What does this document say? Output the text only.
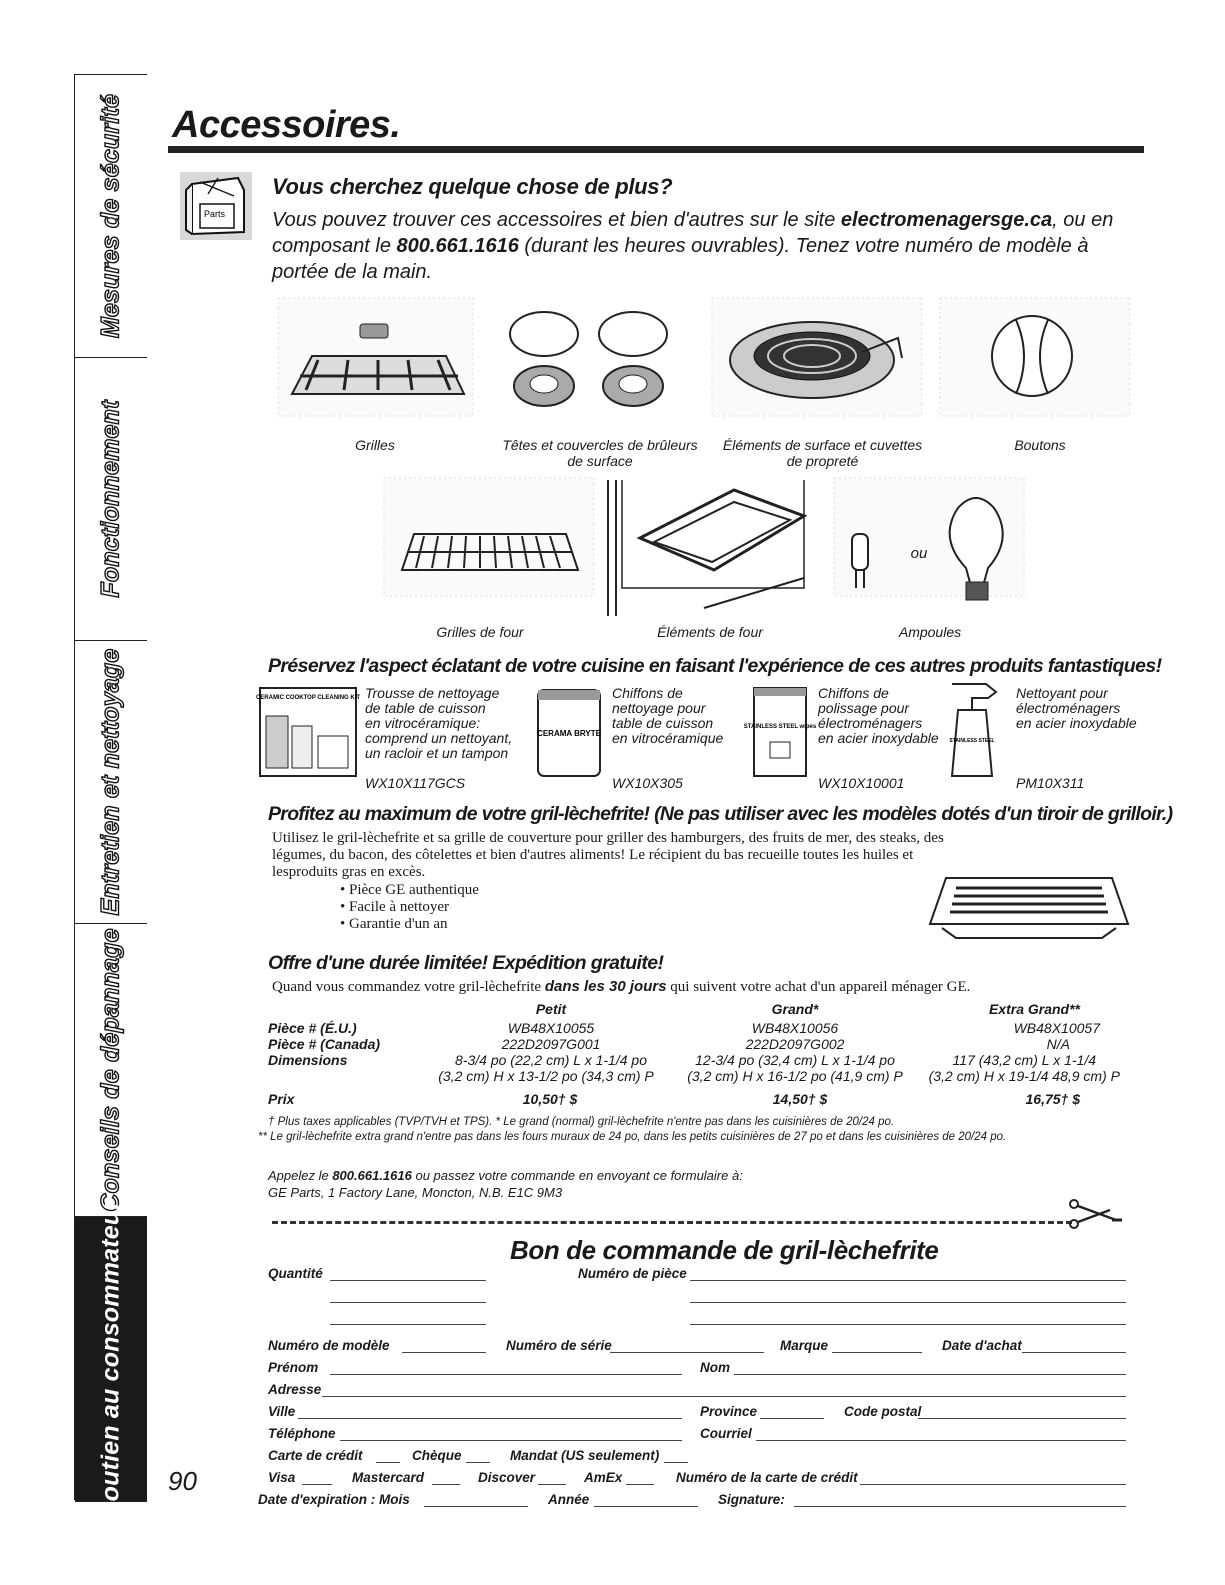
Mesures de sécurité
Fonctionnement
Entretien et nettoyage
Conseils de dépannage
Soutien au consommateur
Accessoires.
Parts
Vous cherchez quelque chose de plus?
Vous pouvez trouver ces accessoires et bien d'autres sur le site electromenagersge.ca, ou en composant le 800.661.1616 (durant les heures ouvrables). Tenez votre numéro de modèle à portée de la main.
Grilles	Têtes et couvercles de brûleurs
de surface
Éléments de surface et cuvettes
de propreté
Boutons
ou
Grilles de four	Éléments de four	Ampoules
Préservez l'aspect éclatant de votre cuisine en faisant l'expérience de ces autres produits fantastiques!
CERAMIC COOKTOP CLEANING KIT Trousse de nettoyage
de table de cuisson
en vitrocéramique:
comprend un nettoyant,
un racloir et un tampon
WX10X117GCS
CERAMA BRYTE
Chiffons de
nettoyage pour
table de cuisson
en vitrocéramique
WX10X305
STAINLESS STEEL wipes
Chiffons de
polissage pour
électroménagers
en acier inoxydable
WX10X10001
STAINLESS STEEL
Nettoyant pour
électroménagers
en acier inoxydable
PM10X311
Profitez au maximum de votre gril-lèchefrite! (Ne pas utiliser avec les modèles dotés d'un tiroir de grilloir.)
Utilisez le gril-lèchefrite et sa grille de couverture pour griller des hamburgers, des fruits de mer, des steaks, des légumes, du bacon, des côtelettes et bien d'autres aliments! Le récipient du bas recueille toutes les huiles et lesproduits gras en excès.
• Pièce GE authentique
• Facile à nettoyer
• Garantie d'un an
Offre d'une durée limitée! Expédition gratuite!
Quand vous commandez votre gril-lèchefrite dans les 30 jours qui suivent votre achat d'un appareil ménager GE.
Petit	Grand*	Extra Grand**
Pièce # (É.U.)	WB48X10055	WB48X10056	WB48X10057
Pièce # (Canada)	222D2097G001	222D2097G002	N/A
Dimensions	8-3/4 po (22,2 cm) L x 1-1/4 po	12-3/4 po (32,4 cm) L x 1-1/4 po	117 (43,2 cm) L x 1-1/4
(3,2 cm) H x 13-1/2 po (34,3 cm) P	(3,2 cm) H x 16-1/2 po (41,9 cm) P	(3,2 cm) H x 19-1/4 48,9 cm) P
Prix	10,50† $	14,50† $	16,75† $
† Plus taxes applicables (TVP/TVH et TPS). * Le grand (normal) gril-lèchefrite n'entre pas dans les cuisinières de 20/24 po.
** Le gril-lèchefrite extra grand n'entre pas dans les fours muraux de 24 po, dans les petits cuisinières de 27 po et dans les cuisinières de 20/24 po.
Appelez le 800.661.1616 ou passez votre commande en envoyant ce formulaire à:
GE Parts, 1 Factory Lane, Moncton, N.B. E1C 9M3
Bon de commande de gril-lèchefrite
Quantité	Numéro de pièce
Numéro de modèle	Numéro de série	Marque	Date d'achat
Prénom	Nom
Adresse
Ville	Province	Code postal
Téléphone	Courriel
Carte de crédit	Chèque	Mandat (US seulement)
Visa	Mastercard	Discover	AmEx	Numéro de la carte de crédit
Date d'expiration : Mois	Année	Signature:
90
